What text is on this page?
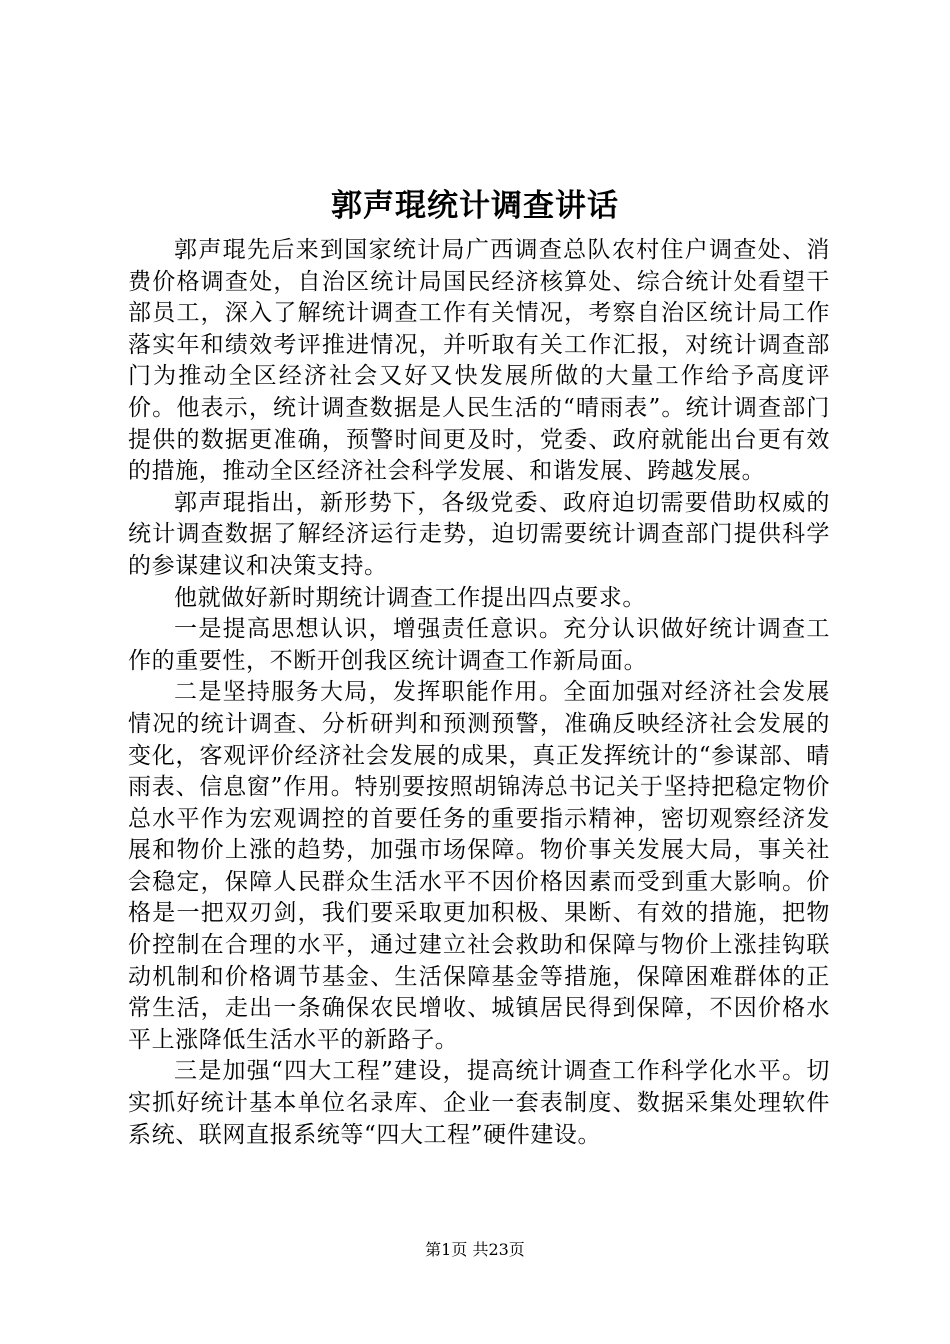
郭声琨统计调查讲话

郭声琨先后来到国家统计局广西调查总队农村住户调查处、消费价格调查处，自治区统计局国民经济核算处、综合统计处看望干部员工，深入了解统计调查工作有关情况，考察自治区统计局工作落实年和绩效考评推进情况，并听取有关工作汇报，对统计调查部门为推动全区经济社会又好又快发展所做的大量工作给予高度评价。他表示，统计调查数据是人民生活的“晴雨表”。统计调查部门提供的数据更准确，预警时间更及时，党委、政府就能出台更有效的措施，推动全区经济社会科学发展、和谐发展、跨越发展。

郭声琨指出，新形势下，各级党委、政府迫切需要借助权威的统计调查数据了解经济运行走势，迫切需要统计调查部门提供科学的参谋建议和决策支持。

他就做好新时期统计调查工作提出四点要求。

一是提高思想认识，增强责任意识。充分认识做好统计调查工作的重要性，不断开创我区统计调查工作新局面。

二是坚持服务大局，发挥职能作用。全面加强对经济社会发展情况的统计调查、分析研判和预测预警，准确反映经济社会发展的变化，客观评价经济社会发展的成果，真正发挥统计的“参谋部、晴雨表、信息窗”作用。特别要按照胡锦涛总书记关于坚持把稳定物价总水平作为宏观调控的首要任务的重要指示精神，密切观察经济发展和物价上涨的趋势，加强市场保障。物价事关发展大局，事关社会稳定，保障人民群众生活水平不因价格因素而受到重大影响。价格是一把双刃剑，我们要采取更加积极、果断、有效的措施，把物价控制在合理的水平，通过建立社会救助和保障与物价上涨挂钩联动机制和价格调节基金、生活保障基金等措施，保障困难群体的正常生活，走出一条确保农民增收、城镇居民得到保障，不因价格水平上涨降低生活水平的新路子。

三是加强“四大工程”建设，提高统计调查工作科学化水平。切实抓好统计基本单位名录库、企业一套表制度、数据采集处理软件系统、联网直报系统等“四大工程”硬件建设。

第1页 共23页
